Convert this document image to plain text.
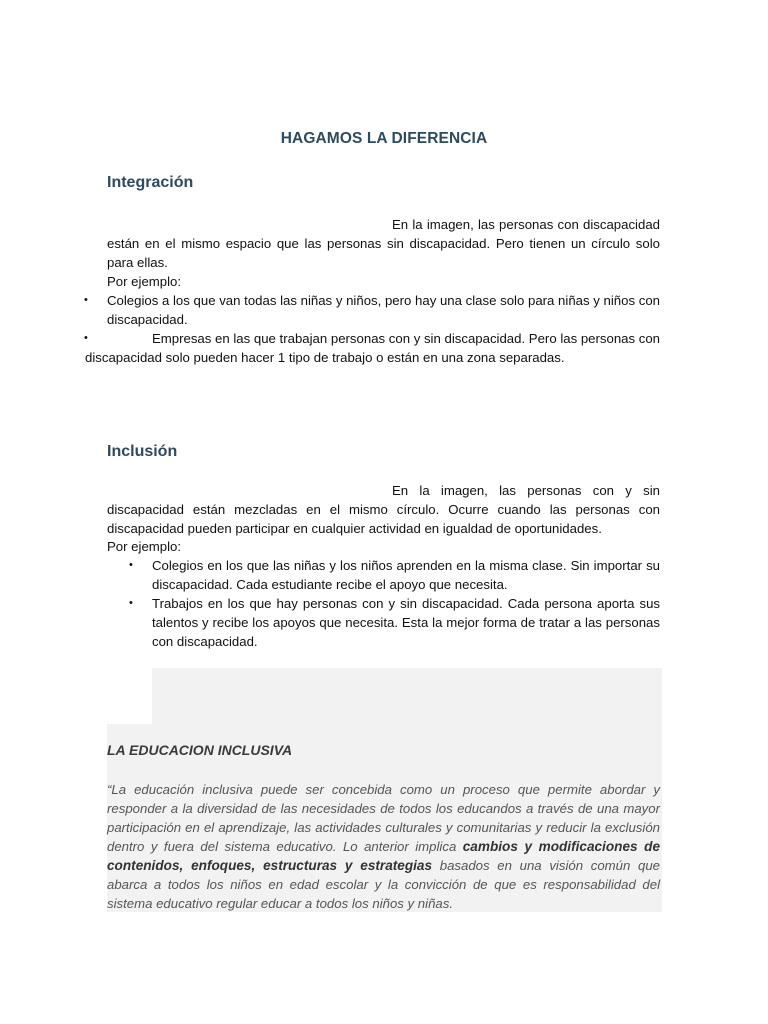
HAGAMOS LA DIFERENCIA
Integración
En la imagen, las personas con discapacidad están en el mismo espacio que las personas sin discapacidad. Pero tienen un círculo solo para ellas.
Por ejemplo:
• Colegios a los que van todas las niñas y niños, pero hay una clase solo para niñas y niños con discapacidad.
•	Empresas en las que trabajan personas con y sin discapacidad. Pero las personas con discapacidad solo pueden hacer 1 tipo de trabajo o están en una zona separadas.
Inclusión
En la imagen, las personas con y sin discapacidad están mezcladas en el mismo círculo. Ocurre cuando las personas con discapacidad pueden participar en cualquier actividad en igualdad de oportunidades.
Por ejemplo:
• Colegios en los que las niñas y los niños aprenden en la misma clase. Sin importar su discapacidad. Cada estudiante recibe el apoyo que necesita.
• Trabajos en los que hay personas con y sin discapacidad. Cada persona aporta sus talentos y recibe los apoyos que necesita. Esta la mejor forma de tratar a las personas con discapacidad.
LA EDUCACION INCLUSIVA
“La educación inclusiva puede ser concebida como un proceso que permite abordar y responder a la diversidad de las necesidades de todos los educandos a través de una mayor participación en el aprendizaje, las actividades culturales y comunitarias y reducir la exclusión dentro y fuera del sistema educativo. Lo anterior implica cambios y modificaciones de contenidos, enfoques, estructuras y estrategias basados en una visión común que abarca a todos los niños en edad escolar y la convicción de que es responsabilidad del sistema educativo regular educar a todos los niños y niñas.
